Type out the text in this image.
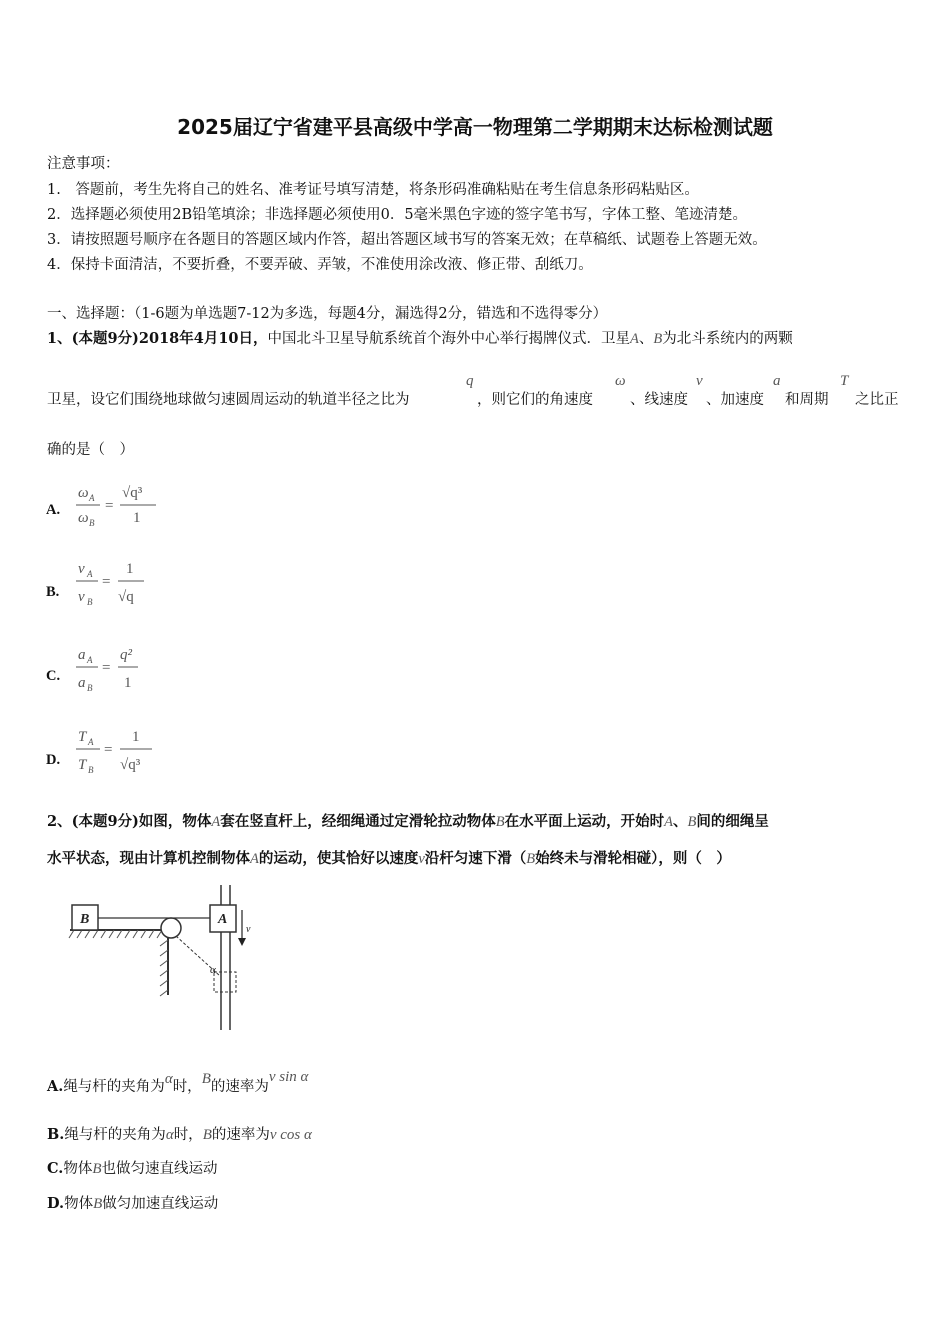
2025届辽宁省建平县高级中学高一物理第二学期期末达标检测试题
注意事项：
1.　答题前，考生先将自己的姓名、准考证号填写清楚，将条形码准确粘贴在考生信息条形码粘贴区。
2．选择题必须使用2B铅笔填涂；非选择题必须使用0．5毫米黑色字迹的签字笔书写，字体工整、笔迹清楚。
3．请按照题号顺序在各题目的答题区域内作答，超出答题区域书写的答案无效；在草稿纸、试题卷上答题无效。
4．保持卡面清洁，不要折叠，不要弄破、弄皱，不准使用涂改液、修正带、刮纸刀。
一、选择题：（1-6题为单选题7-12为多选，每题4分，漏选得2分，错选和不选得零分）
1、(本题9分)2018年4月10日，中国北斗卫星导航系统首个海外中心举行揭牌仪式．卫星A、B为北斗系统内的两颗
卫星，设它们围绕地球做匀速圆周运动的轨道半径之比为
q
，则它们的角速度
ω
、线速度
v
、加速度
a
和周期
T
之比正
确的是（　）
A.
ω A
ω B
=
√q³
1
B.
v A
v B
=
1
√q
C.
a A
a B
=
q²
1
D.
T A
T B
=
1
√q³
2、(本题9分)如图，物体A套在竖直杆上，经细绳通过定滑轮拉动物体B在水平面上运动，开始时A、B间的细绳呈
水平状态，现由计算机控制物体A的运动，使其恰好以速度v沿杆匀速下滑（B始终未与滑轮相碰），则（　）
B	A
α
v
A.绳与杆的夹角为α时，B的速率为v sin α
B.绳与杆的夹角为α时，B的速率为v cos α
C.物体B也做匀速直线运动
D.物体B做匀加速直线运动
